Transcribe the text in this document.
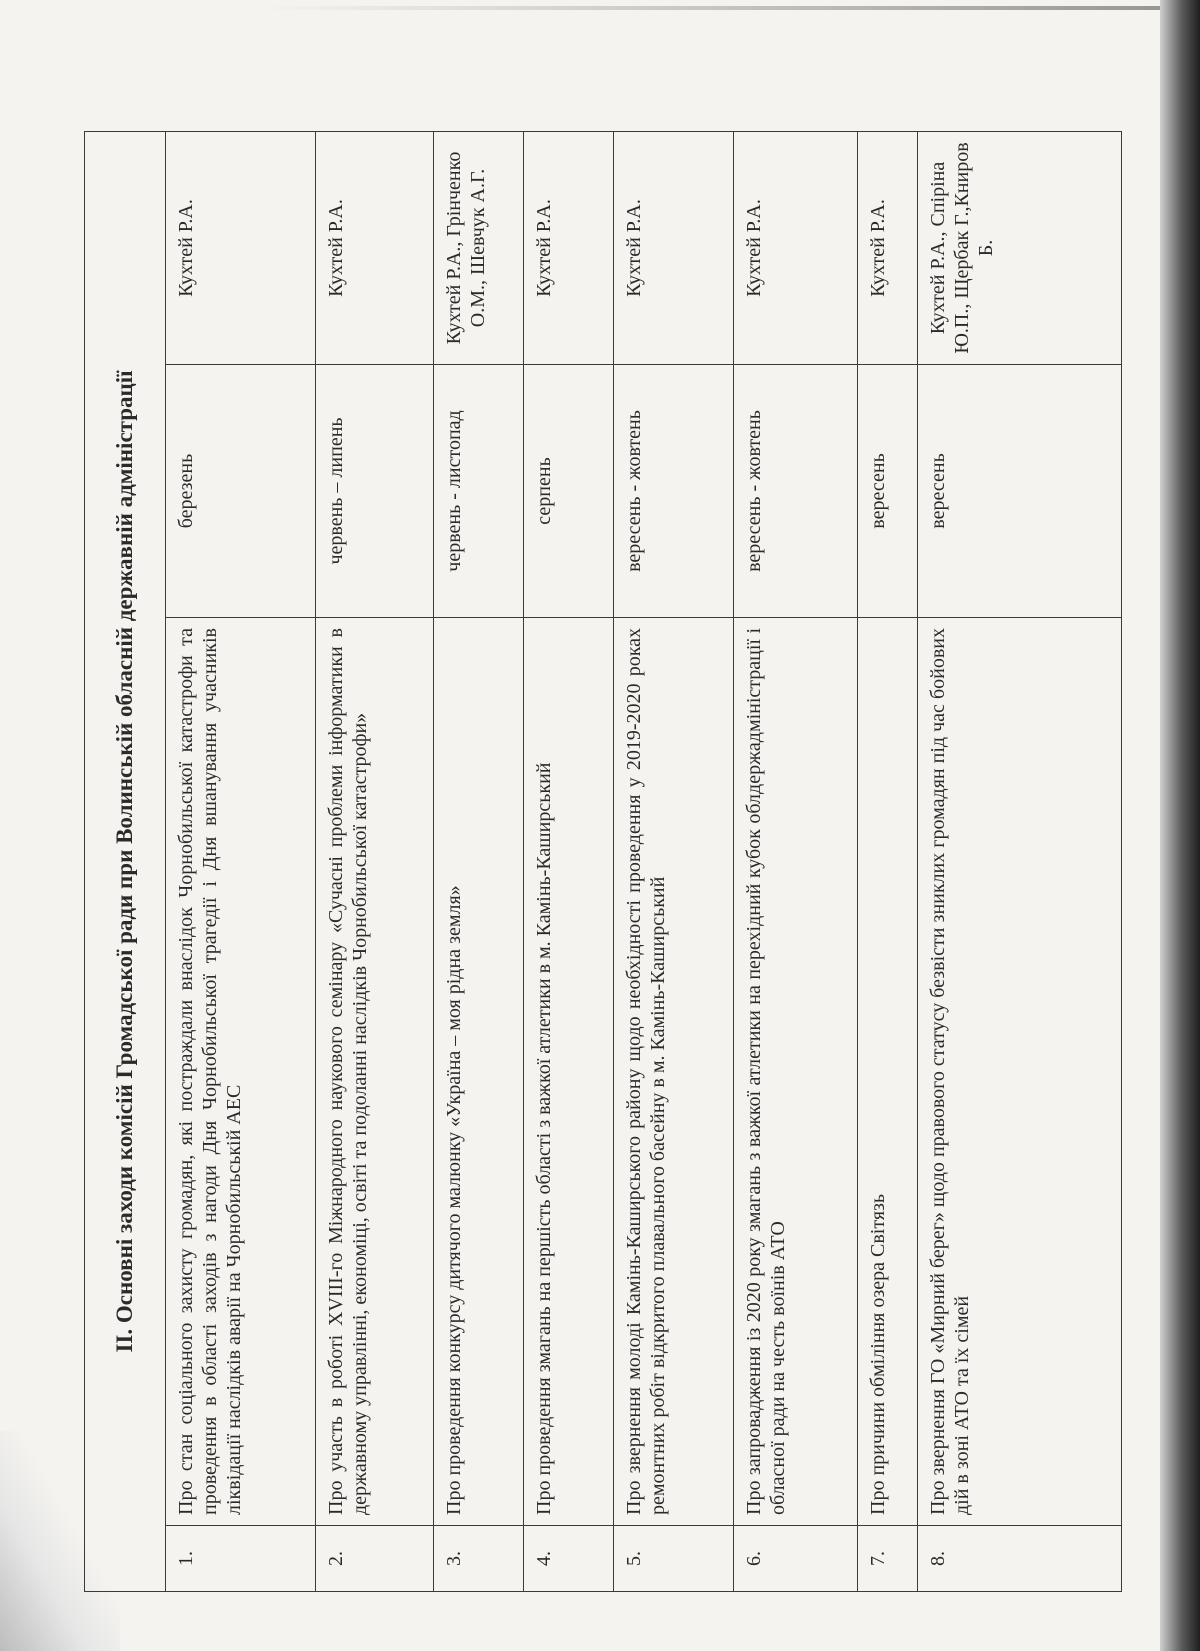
ІІ. Основні заходи комісій Громадської ради при Волинській обласній державній адміністрації			
1.	Про стан соціального захисту громадян, які постраждали внаслідок Чорнобильської катастрофи та проведення в області заходів з нагоди Дня Чорнобильської трагедії і Дня вшанування учасників ліквідації наслідків аварії на Чорнобильській АЕС	березень	Кухтей Р.А.
2.	Про участь в роботі XVIII-го Міжнародного наукового семінару «Сучасні проблеми інформатики в державному управлінні, економіці, освіті та подоланні наслідків Чорнобильської катастрофи»	червень – липень	Кухтей Р.А.
3.	Про проведення конкурсу дитячого малюнку «Україна – моя рідна земля»	червень - листопад	Кухтей Р.А., Грінченко О.М., Шевчук А.Г.
4.	Про проведення змагань на першість області з важкої атлетики в м. Камінь-Каширський	серпень	Кухтей Р.А.
5.	Про звернення молоді Камінь-Каширського району щодо необхідності проведення у 2019-2020 роках ремонтних робіт відкритого плавального басейну в м. Камінь-Каширський	вересень - жовтень	Кухтей Р.А.
6.	Про запровадження із 2020 року змагань з важкої атлетики на перехідний кубок облдержадміністрації і обласної ради на честь воїнів АТО	вересень - жовтень	Кухтей Р.А.
7.	Про причини обміління озера Світязь	вересень	Кухтей Р.А.
8.	Про звернення ГО «Мирний берег» щодо правового статусу безвісти зниклих громадян під час бойових дій в зоні АТО та їх сімей	вересень	Кухтей Р.А., Спіріна Ю.П., Щербак Г.,Книров Б.
